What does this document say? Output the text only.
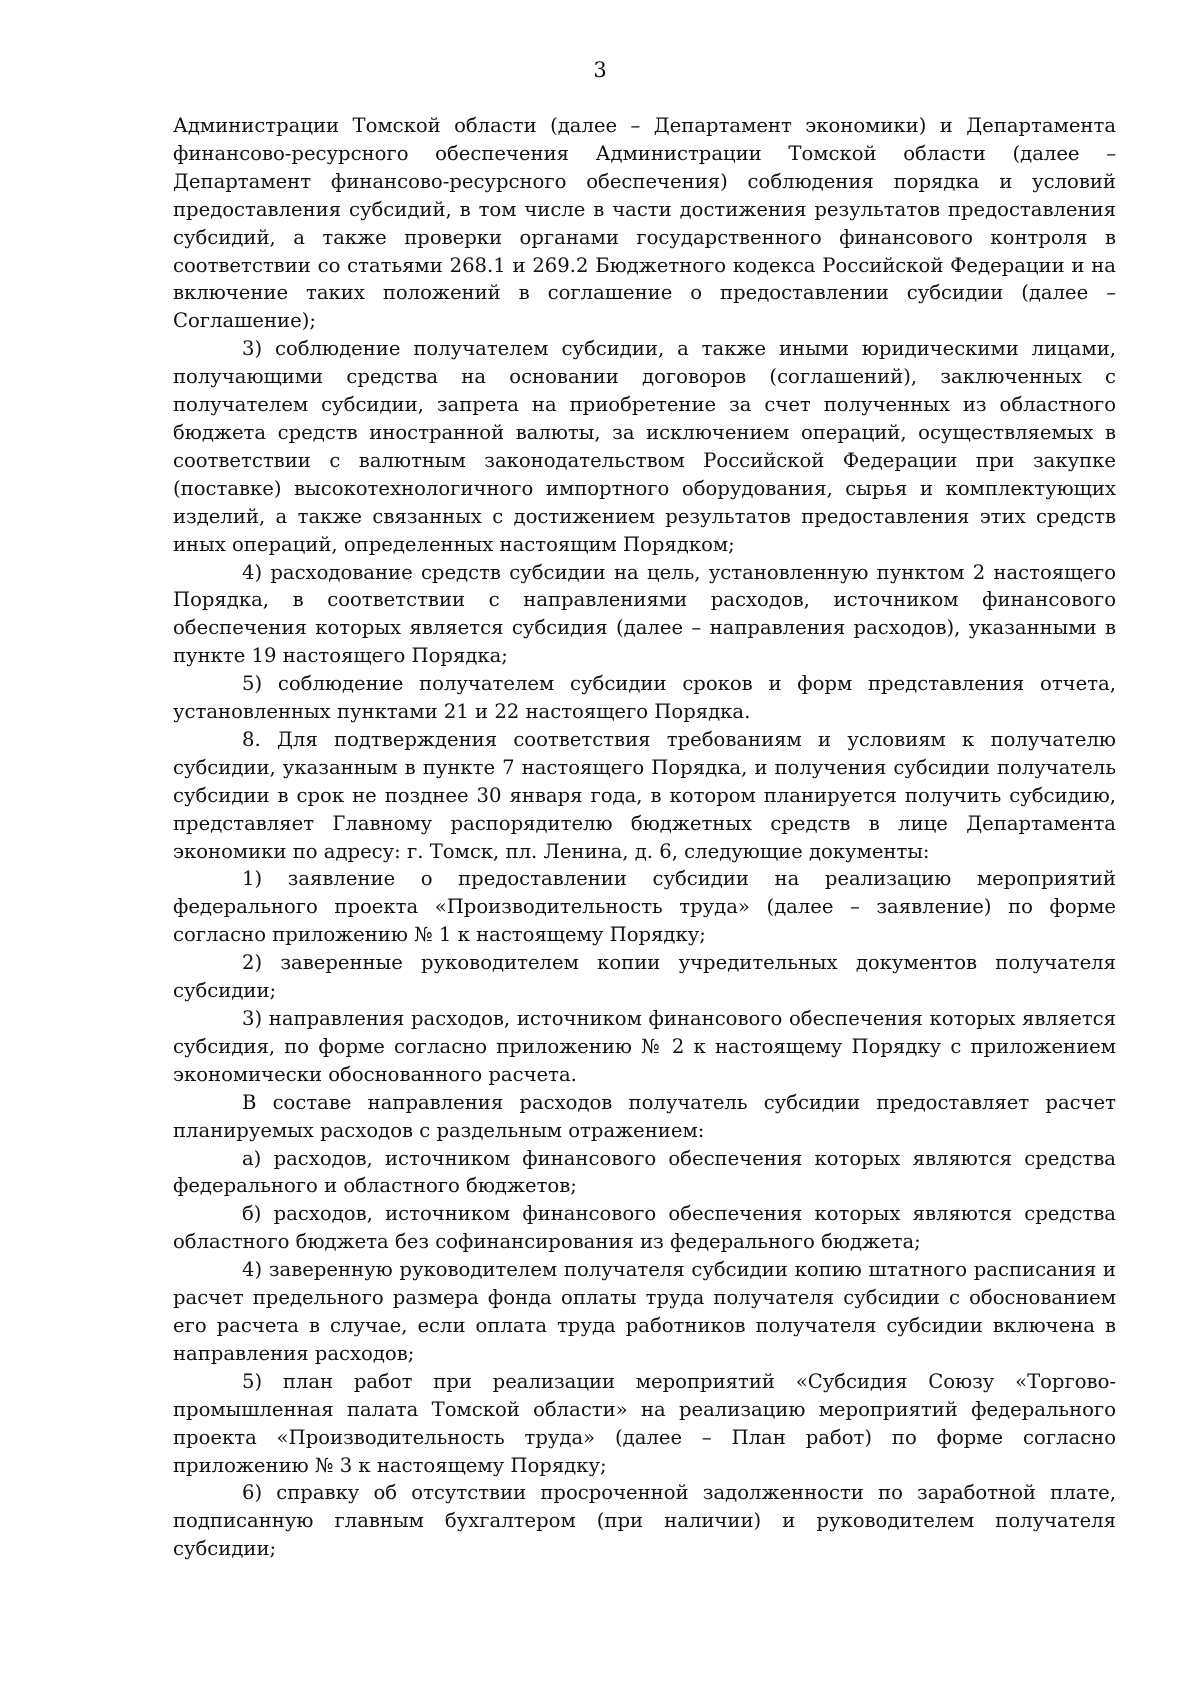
3

Администрации Томской области (далее – Департамент экономики) и Департамента финансово-ресурсного обеспечения Администрации Томской области (далее – Департамент финансово-ресурсного обеспечения) соблюдения порядка и условий предоставления субсидий, в том числе в части достижения результатов предоставления субсидий, а также проверки органами государственного финансового контроля в соответствии со статьями 268.1 и 269.2 Бюджетного кодекса Российской Федерации и на включение таких положений в соглашение о предоставлении субсидии (далее – Соглашение);

3) соблюдение получателем субсидии, а также иными юридическими лицами, получающими средства на основании договоров (соглашений), заключенных с получателем субсидии, запрета на приобретение за счет полученных из областного бюджета средств иностранной валюты, за исключением операций, осуществляемых в соответствии с валютным законодательством Российской Федерации при закупке (поставке) высокотехнологичного импортного оборудования, сырья и комплектующих изделий, а также связанных с достижением результатов предоставления этих средств иных операций, определенных настоящим Порядком;

4) расходование средств субсидии на цель, установленную пунктом 2 настоящего Порядка, в соответствии с направлениями расходов, источником финансового обеспечения которых является субсидия (далее – направления расходов), указанными в пункте 19 настоящего Порядка;

5) соблюдение получателем субсидии сроков и форм представления отчета, установленных пунктами 21 и 22 настоящего Порядка.

8. Для подтверждения соответствия требованиям и условиям к получателю субсидии, указанным в пункте 7 настоящего Порядка, и получения субсидии получатель субсидии в срок не позднее 30 января года, в котором планируется получить субсидию, представляет Главному распорядителю бюджетных средств в лице Департамента экономики по адресу: г. Томск, пл. Ленина, д. 6, следующие документы:

1) заявление о предоставлении субсидии на реализацию мероприятий федерального проекта «Производительность труда» (далее – заявление) по форме согласно приложению № 1 к настоящему Порядку;

2) заверенные руководителем копии учредительных документов получателя субсидии;

3) направления расходов, источником финансового обеспечения которых является субсидия, по форме согласно приложению № 2 к настоящему Порядку с приложением экономически обоснованного расчета.

В составе направления расходов получатель субсидии предоставляет расчет планируемых расходов с раздельным отражением:

а) расходов, источником финансового обеспечения которых являются средства федерального и областного бюджетов;

б) расходов, источником финансового обеспечения которых являются средства областного бюджета без софинансирования из федерального бюджета;

4) заверенную руководителем получателя субсидии копию штатного расписания и расчет предельного размера фонда оплаты труда получателя субсидии с обоснованием его расчета в случае, если оплата труда работников получателя субсидии включена в направления расходов;

5) план работ при реализации мероприятий «Субсидия Союзу «Торгово-промышленная палата Томской области» на реализацию мероприятий федерального проекта «Производительность труда» (далее – План работ) по форме согласно приложению № 3 к настоящему Порядку;

6) справку об отсутствии просроченной задолженности по заработной плате, подписанную главным бухгалтером (при наличии) и руководителем получателя субсидии;
